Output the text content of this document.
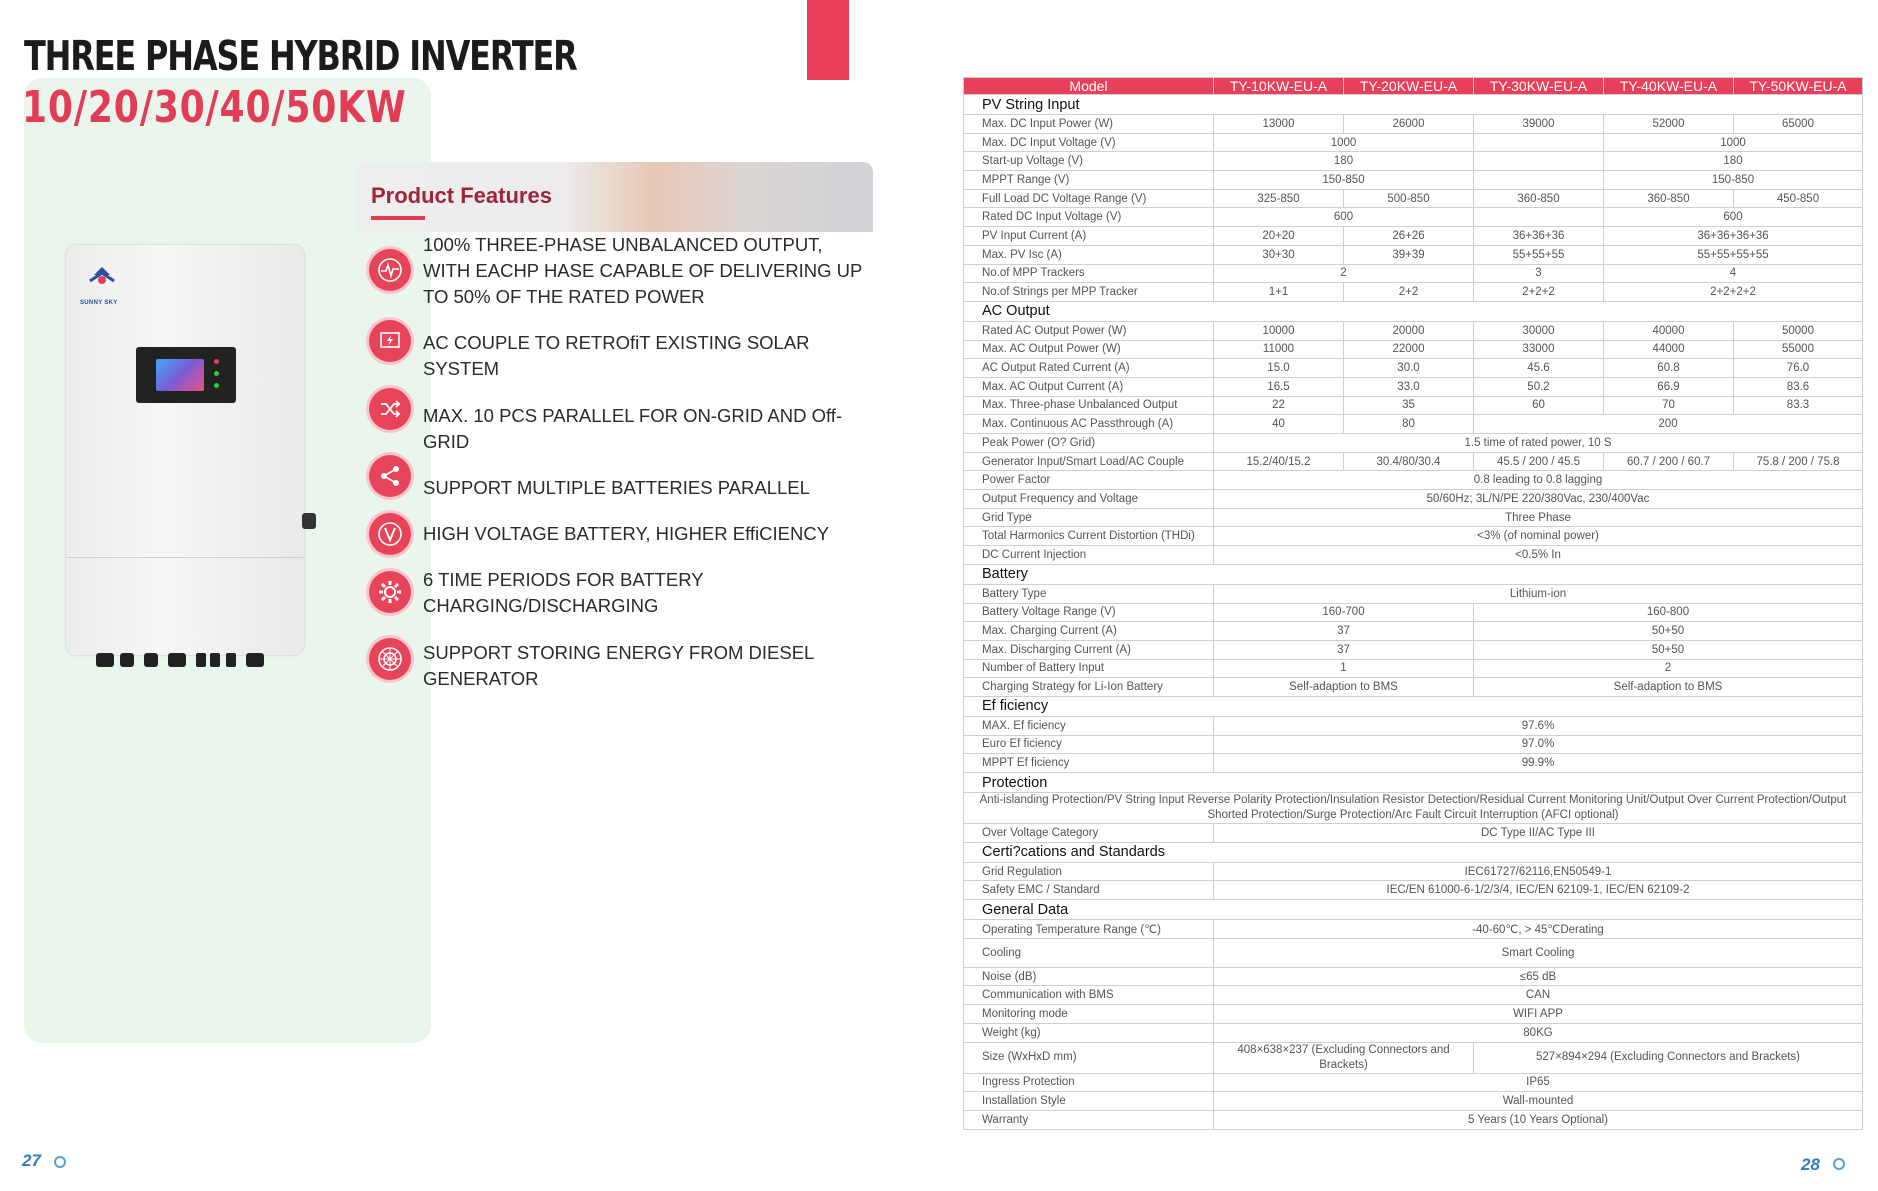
THREE PHASE HYBRID INVERTER
10/20/30/40/50KW
SUNNY SKY
Product Features
100% THREE-PHASE UNBALANCED OUTPUT, WITH EACHP HASE CAPABLE OF DELIVERING UP TO 50% OF THE RATED POWER
AC COUPLE TO RETROfiT EXISTING SOLAR SYSTEM
MAX. 10 PCS PARALLEL FOR ON-GRID AND Off-GRID
SUPPORT MULTIPLE BATTERIES PARALLEL
HIGH VOLTAGE BATTERY, HIGHER EffiCIENCY
6 TIME PERIODS FOR BATTERY CHARGING/DISCHARGING
SUPPORT STORING ENERGY FROM DIESEL GENERATOR
27
Model	TY-10KW-EU-A	TY-20KW-EU-A	TY-30KW-EU-A	TY-40KW-EU-A	TY-50KW-EU-A
PV String Input					
Max. DC Input Power (W)	13000	26000	39000	52000	65000
Max. DC Input Voltage (V)	1000			1000	
Start-up Voltage (V)	180			180	
MPPT Range (V)	150-850			150-850	
Full Load DC Voltage Range (V)	325-850	500-850	360-850	360-850	450-850
Rated DC Input Voltage (V)	600			600	
PV Input Current (A)	20+20	26+26	36+36+36	36+36+36+36	
Max. PV Isc (A)	30+30	39+39	55+55+55	55+55+55+55	
No.of MPP Trackers	2		3	4	
No.of Strings per MPP Tracker	1+1	2+2	2+2+2	2+2+2+2	
AC Output					
Rated AC Output Power (W)	10000	20000	30000	40000	50000
Max. AC Output Power (W)	11000	22000	33000	44000	55000
AC Output Rated Current (A)	15.0	30.0	45.6	60.8	76.0
Max. AC Output Current (A)	16.5	33.0	50.2	66.9	83.6
Max. Three-phase Unbalanced Output	22	35	60	70	83.3
Max. Continuous AC Passthrough (A)	40	80	200		
Peak Power (O? Grid)	1.5 time of rated power, 10 S				
Generator Input/Smart Load/AC Couple	15.2/40/15.2	30.4/80/30.4	45.5 / 200 / 45.5	60.7 / 200 / 60.7	75.8 / 200 / 75.8
Power Factor	0.8 leading to 0.8 lagging				
Output Frequency and Voltage	50/60Hz; 3L/N/PE 220/380Vac, 230/400Vac				
Grid Type	Three Phase				
Total Harmonics Current Distortion (THDi)	<3% (of nominal power)				
DC Current Injection	<0.5% In				
Battery					
Battery Type	Lithium-ion				
Battery Voltage Range (V)	160-700		160-800		
Max. Charging Current (A)	37		50+50		
Max. Discharging Current (A)	37		50+50		
Number of Battery Input	1		2		
Charging Strategy for Li-Ion Battery	Self-adaption to BMS		Self-adaption to BMS		
Ef ficiency					
MAX. Ef ficiency	97.6%				
Euro Ef ficiency	97.0%				
MPPT Ef ficiency	99.9%				
Protection					
Anti-islanding Protection/PV String Input Reverse Polarity Protection/Insulation Resistor Detection/Residual Current Monitoring Unit/Output Over Current Protection/Output Shorted Protection/Surge Protection/Arc Fault Circuit Interruption (AFCI optional)					
Over Voltage Category	DC Type II/AC Type III				
Certi?cations and Standards					
Grid Regulation	IEC61727/62116,EN50549-1				
Safety EMC / Standard	IEC/EN 61000-6-1/2/3/4, IEC/EN 62109-1, IEC/EN 62109-2				
General Data					
Operating Temperature Range (℃)	-40-60℃, > 45℃Derating				
Cooling	Smart Cooling				
Noise (dB)	≤65 dB				
Communication with BMS	CAN				
Monitoring mode	WIFI APP				
Weight (kg)	80KG				
Size (WxHxD mm)	408×638×237 (Excluding Connectors and Brackets)		527×894×294 (Excluding Connectors and Brackets)		
Ingress Protection	IP65				
Installation Style	Wall-mounted				
Warranty	5 Years (10 Years Optional)				
28
